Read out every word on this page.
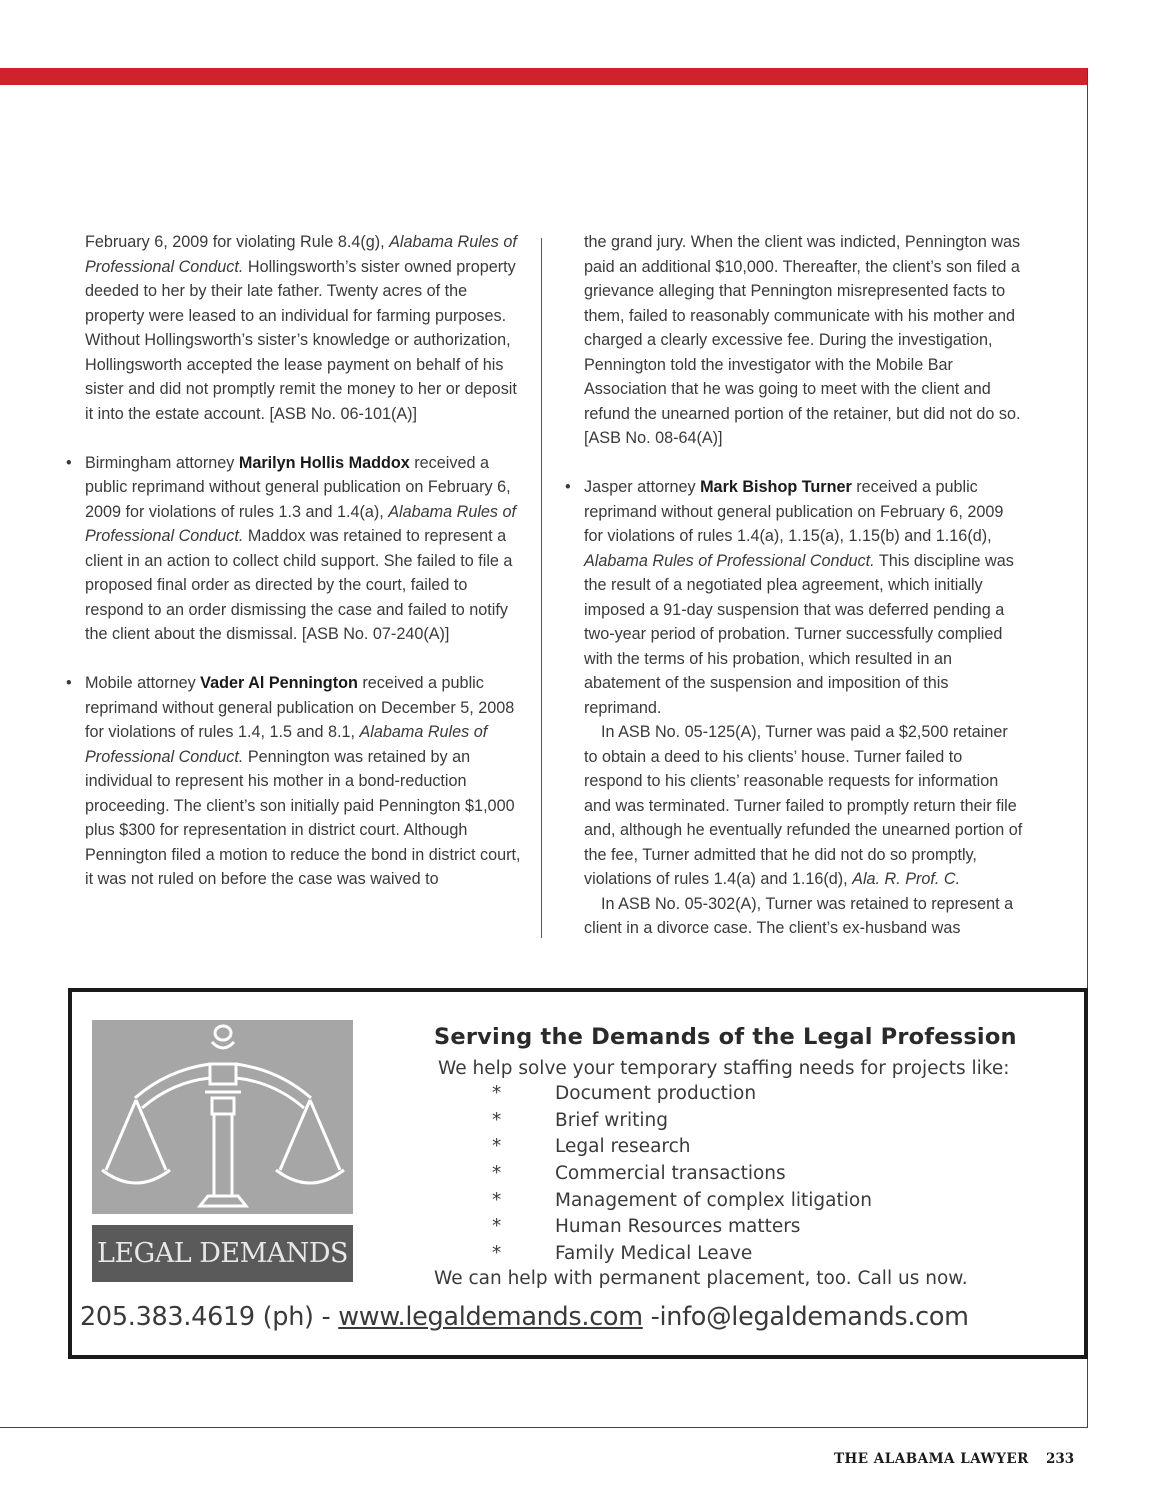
February 6, 2009 for violating Rule 8.4(g), Alabama Rules of Professional Conduct. Hollingsworth’s sister owned property deeded to her by their late father. Twenty acres of the property were leased to an individual for farming purposes. Without Hollingsworth’s sister’s knowledge or authorization, Hollingsworth accepted the lease payment on behalf of his sister and did not promptly remit the money to her or deposit it into the estate account. [ASB No. 06-101(A)]

• Birmingham attorney Marilyn Hollis Maddox received a public reprimand without general publication on February 6, 2009 for violations of rules 1.3 and 1.4(a), Alabama Rules of Professional Conduct. Maddox was retained to represent a client in an action to collect child support. She failed to file a proposed final order as directed by the court, failed to respond to an order dismissing the case and failed to notify the client about the dismissal. [ASB No. 07-240(A)]
• Mobile attorney Vader Al Pennington received a public reprimand without general publication on December 5, 2008 for violations of rules 1.4, 1.5 and 8.1, Alabama Rules of Professional Conduct. Pennington was retained by an individual to represent his mother in a bond-reduction proceeding. The client’s son initially paid Pennington $1,000 plus $300 for representation in district court. Although Pennington filed a motion to reduce the bond in district court, it was not ruled on before the case was waived to

the grand jury. When the client was indicted, Pennington was paid an additional $10,000. Thereafter, the client’s son filed a grievance alleging that Pennington misrepresented facts to them, failed to reasonably communicate with his mother and charged a clearly excessive fee. During the investigation, Pennington told the investigator with the Mobile Bar Association that he was going to meet with the client and refund the unearned portion of the retainer, but did not do so. [ASB No. 08-64(A)]

• Jasper attorney Mark Bishop Turner received a public reprimand without general publication on February 6, 2009 for violations of rules 1.4(a), 1.15(a), 1.15(b) and 1.16(d), Alabama Rules of Professional Conduct. This discipline was the result of a negotiated plea agreement, which initially imposed a 91-day suspension that was deferred pending a two-year period of probation. Turner successfully complied with the terms of his probation, which resulted in an abatement of the suspension and imposition of this reprimand.

In ASB No. 05-125(A), Turner was paid a $2,500 retainer to obtain a deed to his clients’ house. Turner failed to respond to his clients’ reasonable requests for information and was terminated. Turner failed to promptly return their file and, although he eventually refunded the unearned portion of the fee, Turner admitted that he did not do so promptly, violations of rules 1.4(a) and 1.16(d), Ala. R. Prof. C.

In ASB No. 05-302(A), Turner was retained to represent a client in a divorce case. The client’s ex-husband was

LEGAL DEMANDS

Serving the Demands of the Legal Profession

We help solve your temporary staffing needs for projects like:

*	Document production
*	Brief writing
*	Legal research
*	Commercial transactions
*	Management of complex litigation
*	Human Resources matters
*	Family Medical Leave

We can help with permanent placement, too. Call us now.

205.383.4619 (ph) - www.legaldemands.com -info@legaldemands.com
THE ALABAMA LAWYER 233
